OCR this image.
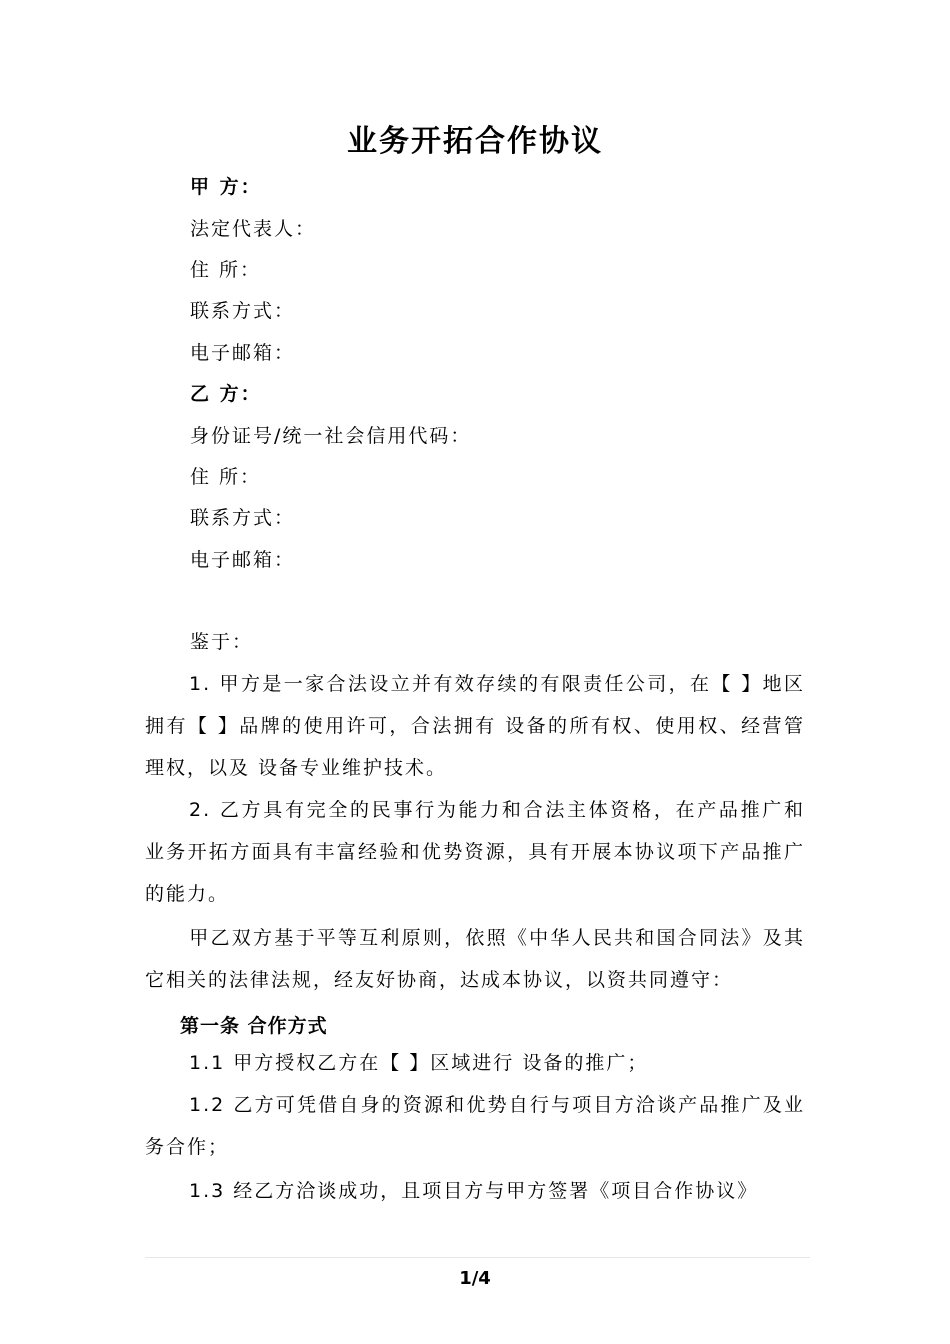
业务开拓合作协议
甲 方：
法定代表人：
住 所：
联系方式：
电子邮箱：
乙 方：
身份证号/统一社会信用代码：
住 所：
联系方式：
电子邮箱：
鉴于：

1. 甲方是一家合法设立并有效存续的有限责任公司，在【 】地区拥有【 】品牌的使用许可，合法拥有 设备的所有权、使用权、经营管理权，以及 设备专业维护技术。

2. 乙方具有完全的民事行为能力和合法主体资格，在产品推广和业务开拓方面具有丰富经验和优势资源，具有开展本协议项下产品推广的能力。

甲乙双方基于平等互利原则，依照《中华人民共和国合同法》及其它相关的法律法规，经友好协商，达成本协议，以资共同遵守：

第一条 合作方式

1.1 甲方授权乙方在【 】区域进行 设备的推广；

1.2 乙方可凭借自身的资源和优势自行与项目方洽谈产品推广及业务合作；

1.3 经乙方洽谈成功，且项目方与甲方签署《项目合作协议》

1/4
